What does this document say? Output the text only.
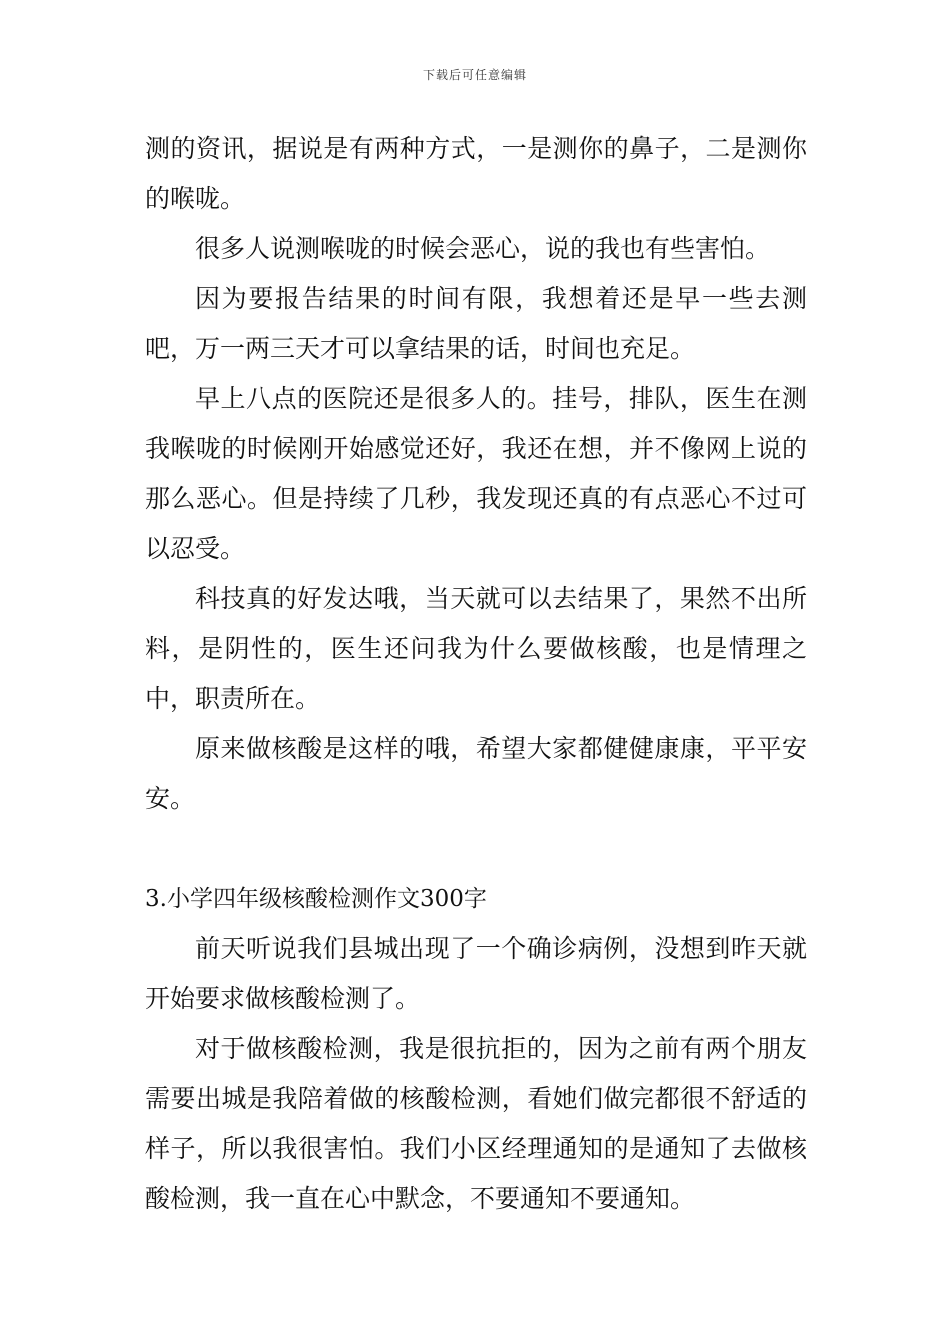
下载后可任意编辑

测的资讯，据说是有两种方式，一是测你的鼻子，二是测你的喉咙。

很多人说测喉咙的时候会恶心，说的我也有些害怕。

因为要报告结果的时间有限，我想着还是早一些去测吧，万一两三天才可以拿结果的话，时间也充足。

早上八点的医院还是很多人的。挂号，排队，医生在测我喉咙的时候刚开始感觉还好，我还在想，并不像网上说的那么恶心。但是持续了几秒，我发现还真的有点恶心不过可以忍受。

科技真的好发达哦，当天就可以去结果了，果然不出所料，是阴性的，医生还问我为什么要做核酸，也是情理之中，职责所在。

原来做核酸是这样的哦，希望大家都健健康康，平平安安。

3.小学四年级核酸检测作文300字

前天听说我们县城出现了一个确诊病例，没想到昨天就开始要求做核酸检测了。

对于做核酸检测，我是很抗拒的，因为之前有两个朋友需要出城是我陪着做的核酸检测，看她们做完都很不舒适的样子，所以我很害怕。我们小区经理通知的是通知了去做核酸检测，我一直在心中默念，不要通知不要通知。
